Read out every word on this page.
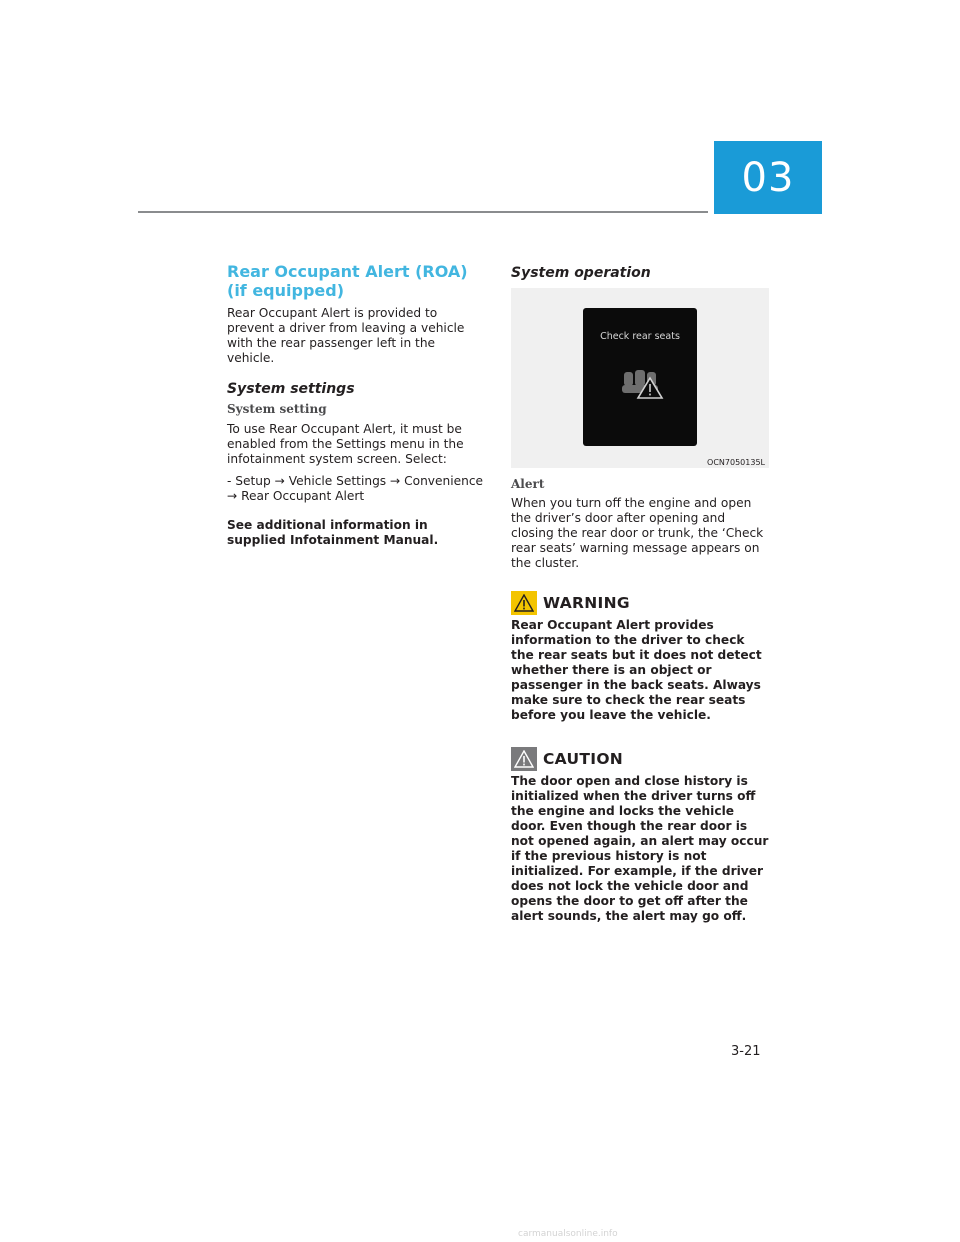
03
Rear Occupant Alert (ROA)
(if equipped)

Rear Occupant Alert is provided to prevent a driver from leaving a vehicle with the rear passenger left in the vehicle.

System settings
System setting

To use Rear Occupant Alert, it must be enabled from the Settings menu in the infotainment system screen. Select:

- Setup → Vehicle Settings → Convenience

→ Rear Occupant Alert

See additional information in supplied Infotainment Manual.

System operation
Check rear seats
OCN7050135L
Alert

When you turn off the engine and open the driver’s door after opening and closing the rear door or trunk, the ‘Check rear seats’ warning message appears on the cluster.

WARNING

Rear Occupant Alert provides information to the driver to check the rear seats but it does not detect whether there is an object or passenger in the back seats. Always make sure to check the rear seats before you leave the vehicle.

CAUTION

The door open and close history is initialized when the driver turns off the engine and locks the vehicle door. Even though the rear door is not opened again, an alert may occur if the previous history is not initialized. For example, if the driver does not lock the vehicle door and opens the door to get off after the alert sounds, the alert may go off.

3-21
carmanualsonline.info
